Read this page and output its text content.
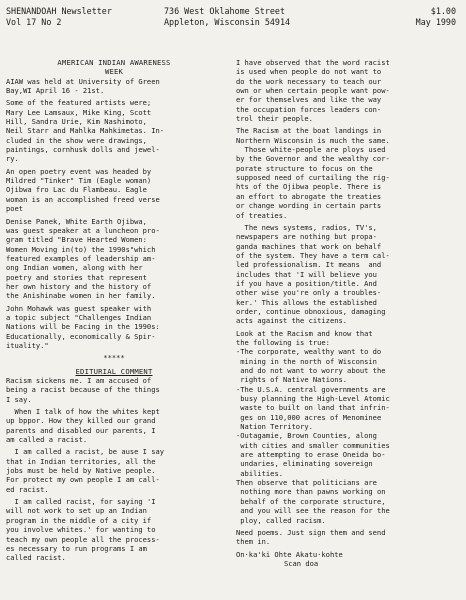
SHENANDOAH Newsletter
Vol 17 No 2
736 West Oklahome Street
Appleton, Wisconsin 54914
$1.00
May 1990
AMERICAN INDIAN AWARENESS
WEEK

AIAW was held at University of Green
Bay,WI April 16 - 21st.

Some of the featured artists were;
Mary Lee Lamsaux, Mike King, Scott
Hill, Sandra Urie, Kim Nashimoto,
Neil Starr and Mahlka Mahkimetas. In-
cluded in the show were drawings,
paintings, cornhusk dolls and jewel-
ry.

An open poetry event was headed by
Mildred "Tinker" Tim (Eagle woman)
Ojibwa fro Lac du Flambeau. Eagle
woman is an accomplished freed verse
poet

Denise Panek, White Earth Ojibwa,
was guest speaker at a luncheon pro-
gram titled "Brave Hearted Women:
Women Moving in(to) the 1990s"which
featured examples of leadership am-
ong Indian women, along with her
poetry and stories that represent
her own history and the history of
the Anishinabe women in her family.

John Mohawk was guest speaker with
a topic subject "Challenges Indian
Nations will be Facing in the 1990s:
Educationally, economically & Spir-
ituality."

*****
EDITURIAL COMMENT

Racism sickens me. I am accused of
being a racist because of the things
I say.

When I talk of how the whites kept
up bppor. How they killed our grand
parents and disabled our parents, I
am called a racist.

I am called a racist, be ause I say
that in Indian territories, all the
jobs must be held by Native people.
For protect my own people I am call-
ed racist.

I am called racist, for saying 'I
will not work to set up an Indian
program in the middle of a city if
you involve whites.' for wanting to
teach my own people all the process-
es necessary to run programs I am
called racist.

I have observed that the word racist
is used when people do not want to
do the work necessary to teach our
own or when certain people want pow-
er for themselves and like the way
the occupation forces leaders con-
trol their people.

The Racism at the boat landings in
Northern Wisconsin is much the same.
Those white-people are ploys used
by the Governor and the wealthy cor-
porate structure to focus on the
supposed need of curtailing the rig-
hts of the Ojibwa people. There is
an effort to abrogate the treaties
or change wording in certain parts
of treaties.

The news systems, radios, TV's,
newspapers are nothing but propa-
ganda machines that work on behalf
of the system. They have a term cal-
led professionalism. It means  and
includes that 'I will believe you
if you have a position/title. And
other wise you're only a troubles-
ker.' This allows the established
order, continue obnoxious, damaging
acts against the citizens.

Look at the Racism and know that
the following is true:
-The corporate, wealthy want to do
mining in the north of Wisconsin
and do not want to worry about the
rights of Native Nations.
-The U.S.A. central governments are
busy planning the High-Level Atomic
waste to built on land that infrin-
ges on 110,000 acres of Menominee
Nation Territory.
-Outagamie, Brown Counties, along
with cities and smaller communities
are attempting to erase Oneida bo-
undaries, eliminating sovereign
abilities.
Then observe that politicians are
nothing more than pawns working on
behalf of the corporate structure,
and you will see the reason for the
ploy, called racism.

Need poems. Just sign them and send
them in.

On·ka'ki Ohte Akatu·kohte
Scan doa
